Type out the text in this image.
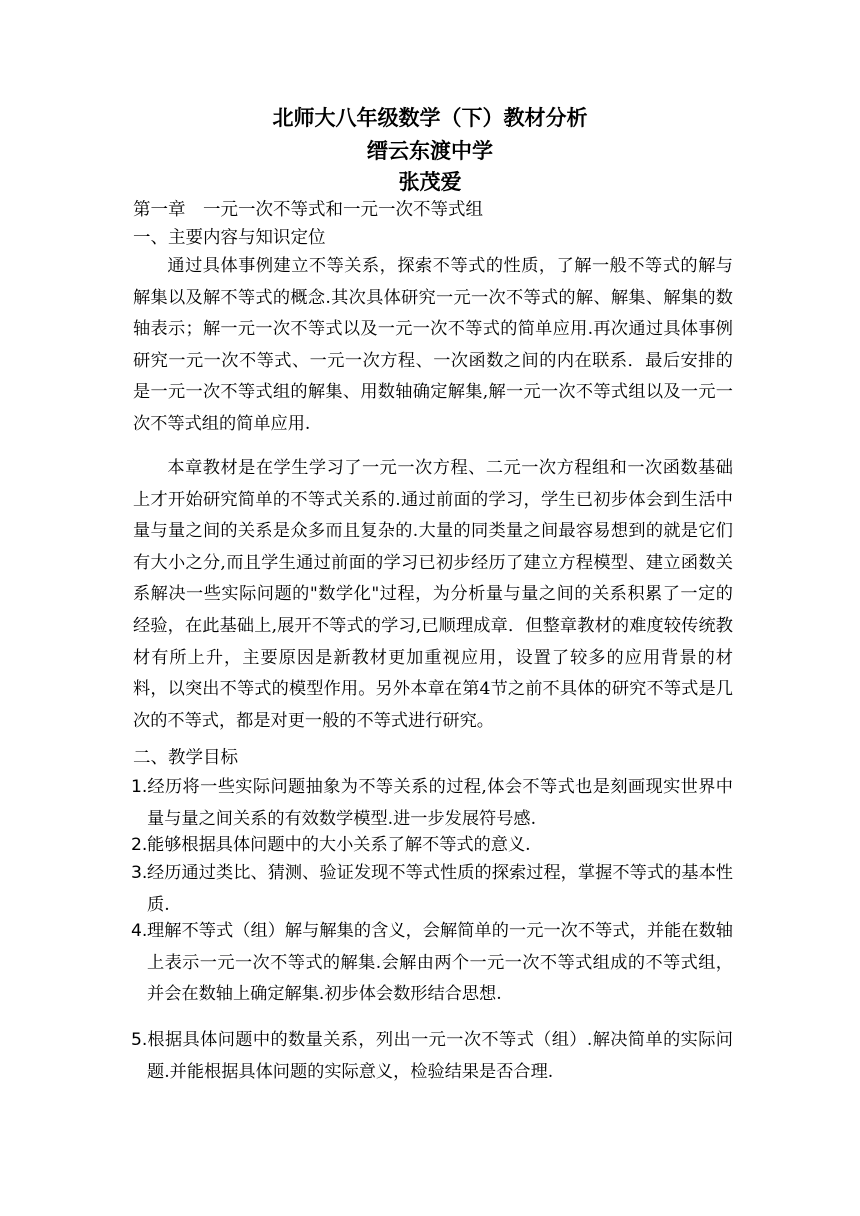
北师大八年级数学（下）教材分析
缙云东渡中学
张茂爱
第一章　一元一次不等式和一元一次不等式组
一、主要内容与知识定位
通过具体事例建立不等关系，探索不等式的性质，了解一般不等式的解与解集以及解不等式的概念.其次具体研究一元一次不等式的解、解集、解集的数轴表示；解一元一次不等式以及一元一次不等式的简单应用.再次通过具体事例研究一元一次不等式、一元一次方程、一次函数之间的内在联系．最后安排的是一元一次不等式组的解集、用数轴确定解集,解一元一次不等式组以及一元一次不等式组的简单应用.
本章教材是在学生学习了一元一次方程、二元一次方程组和一次函数基础上才开始研究简单的不等式关系的.通过前面的学习，学生已初步体会到生活中量与量之间的关系是众多而且复杂的.大量的同类量之间最容易想到的就是它们有大小之分,而且学生通过前面的学习已初步经历了建立方程模型、建立函数关系解决一些实际问题的"数学化"过程，为分析量与量之间的关系积累了一定的经验，在此基础上,展开不等式的学习,已顺理成章．但整章教材的难度较传统教材有所上升，主要原因是新教材更加重视应用，设置了较多的应用背景的材料，以突出不等式的模型作用。另外本章在第4节之前不具体的研究不等式是几次的不等式，都是对更一般的不等式进行研究。
二、教学目标
1.经历将一些实际问题抽象为不等关系的过程,体会不等式也是刻画现实世界中量与量之间关系的有效数学模型.进一步发展符号感.
2.能够根据具体问题中的大小关系了解不等式的意义.
3.经历通过类比、猜测、验证发现不等式性质的探索过程，掌握不等式的基本性质.
4.理解不等式（组）解与解集的含义，会解简单的一元一次不等式，并能在数轴上表示一元一次不等式的解集.会解由两个一元一次不等式组成的不等式组，并会在数轴上确定解集.初步体会数形结合思想.
5.根据具体问题中的数量关系，列出一元一次不等式（组）.解决简单的实际问题.并能根据具体问题的实际意义，检验结果是否合理.
